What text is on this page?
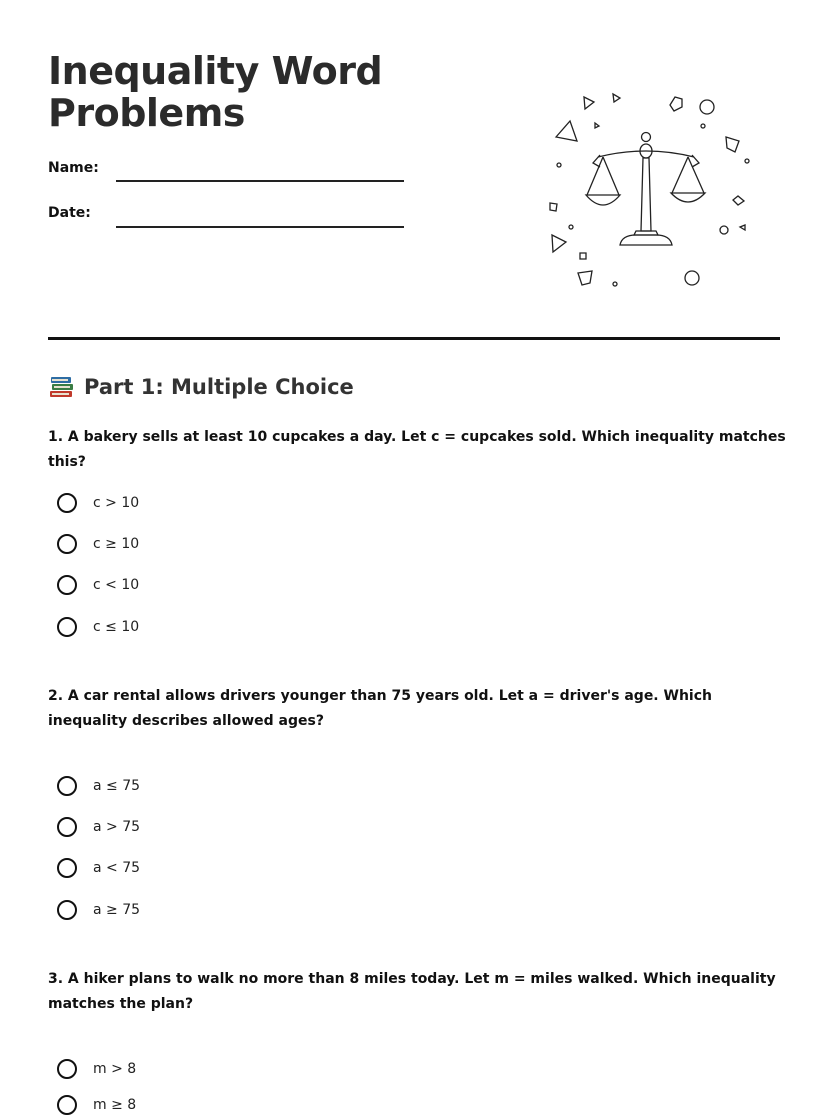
Inequality Word Problems
Name:
Date:
Part 1: Multiple Choice
1. A bakery sells at least 10 cupcakes a day. Let c = cupcakes sold. Which inequality matches this?
c > 10
c ≥ 10
c < 10
c ≤ 10
2. A car rental allows drivers younger than 75 years old. Let a = driver's age. Which inequality describes allowed ages?
a ≤ 75
a > 75
a < 75
a ≥ 75
3. A hiker plans to walk no more than 8 miles today. Let m = miles walked. Which inequality matches the plan?
m > 8
m ≥ 8
